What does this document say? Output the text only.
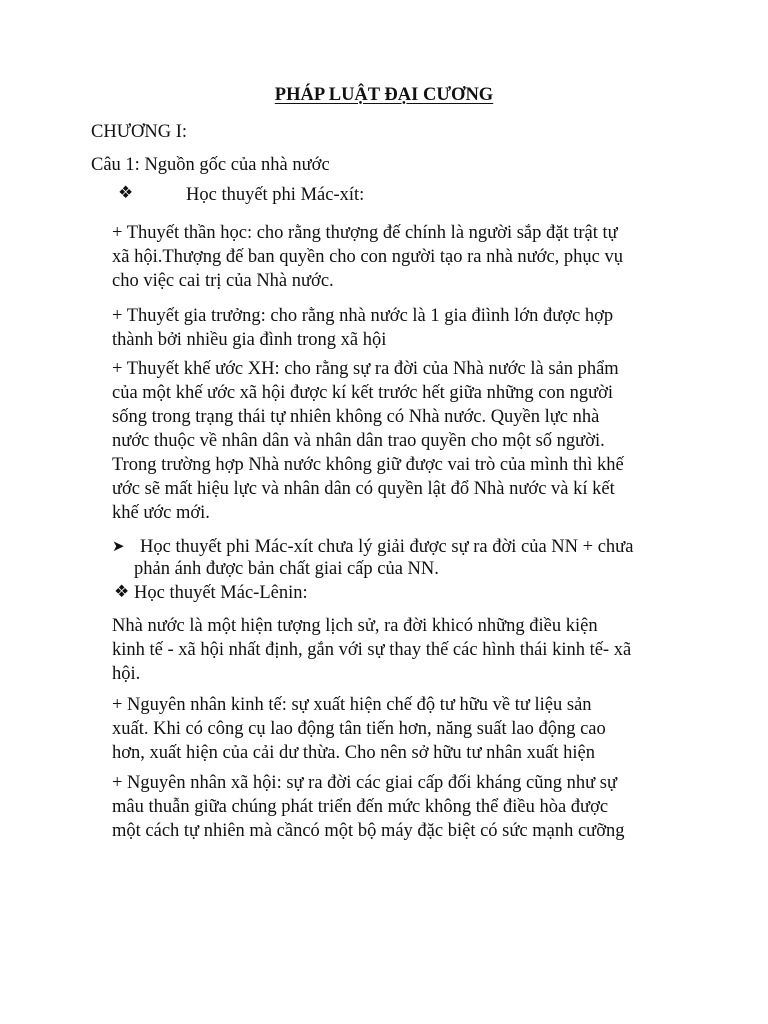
PHÁP LUẬT ĐẠI CƯƠNG
CHƯƠNG I:
Câu 1: Nguồn gốc của nhà nước
❖	Học thuyết phi Mác-xít:
+ Thuyết thần học: cho rằng thượng đế chính là người sắp đặt trật tự
xã hội.Thượng đế ban quyền cho con người tạo ra nhà nước, phục vụ
cho việc cai trị của Nhà nước.
+ Thuyết gia trưởng: cho rằng nhà nước là 1 gia điình lớn được hợp
thành bởi nhiều gia đình trong xã hội
+ Thuyết khế ước XH: cho rằng sự ra đời của Nhà nước là sản phẩm
của một khế ước xã hội được kí kết trước hết giữa những con người
sống trong trạng thái tự nhiên không có Nhà nước. Quyền lực nhà
nước thuộc về nhân dân và nhân dân trao quyền cho một số người.
Trong trường hợp Nhà nước không giữ được vai trò của mình thì khế
ước sẽ mất hiệu lực và nhân dân có quyền lật đổ Nhà nước và kí kết
khế ước mới.
➤ Học thuyết phi Mác-xít chưa lý giải được sự ra đời của NN + chưa
phản ánh được bản chất giai cấp của NN.
❖ Học thuyết Mác-Lênin:
Nhà nước là một hiện tượng lịch sử, ra đời khicó những điều kiện
kinh tế - xã hội nhất định, gắn với sự thay thế các hình thái kinh tế- xã
hội.
+ Nguyên nhân kinh tế: sự xuất hiện chế độ tư hữu về tư liệu sản
xuất. Khi có công cụ lao động tân tiến hơn, năng suất lao động cao
hơn, xuất hiện của cải dư thừa. Cho nên sở hữu tư nhân xuất hiện
+ Nguyên nhân xã hội: sự ra đời các giai cấp đối kháng cũng như sự
mâu thuẫn giữa chúng phát triển đến mức không thể điều hòa được
một cách tự nhiên mà cầncó một bộ máy đặc biệt có sức mạnh cưỡng
